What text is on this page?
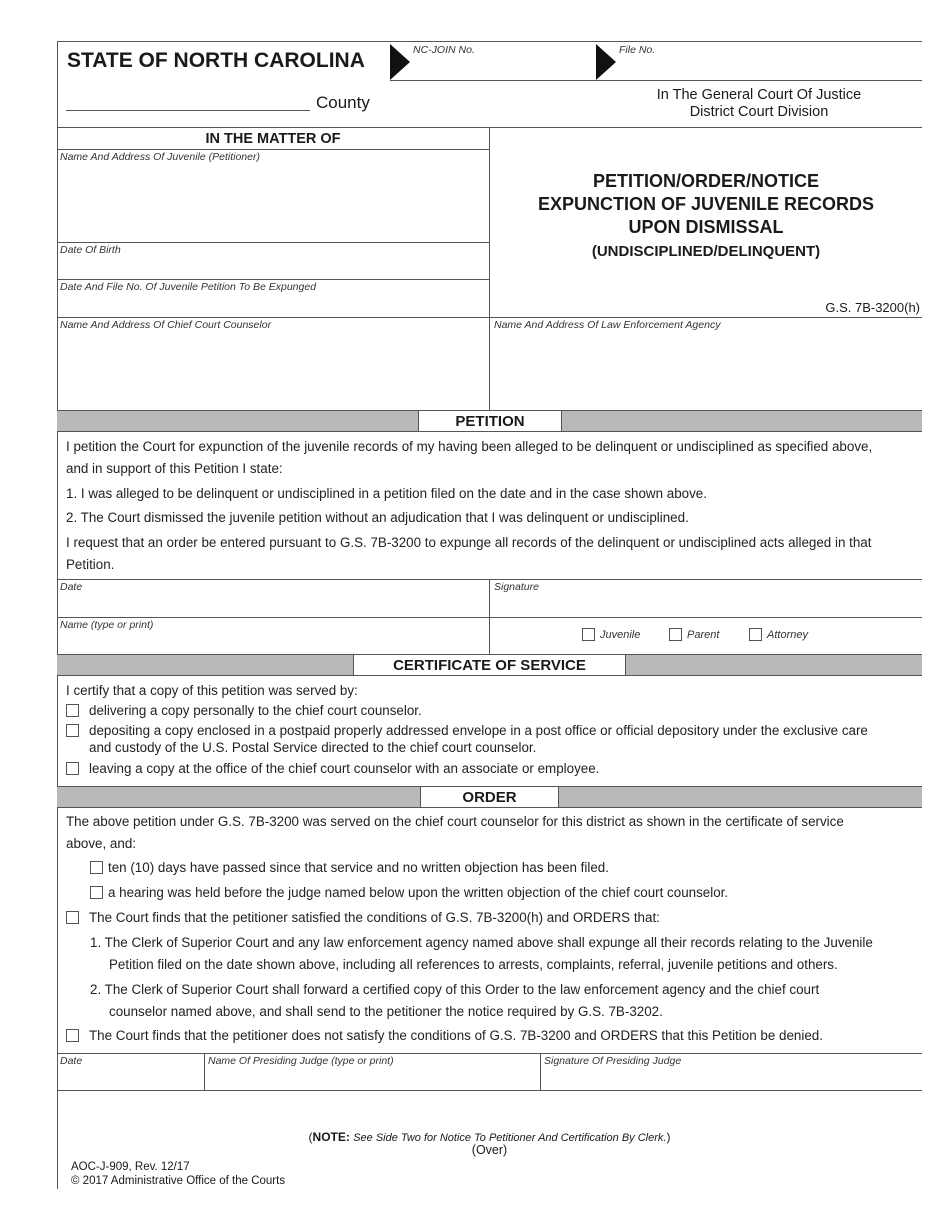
STATE OF NORTH CAROLINA	NC-JOIN No.	File No.
County	In The General Court Of Justice
District Court Division
IN THE MATTER OF
Name And Address Of Juvenile (Petitioner)
Date Of Birth
Date And File No. Of Juvenile Petition To Be Expunged
Name And Address Of Chief Court Counselor	Name And Address Of Law Enforcement Agency
PETITION/ORDER/NOTICE
EXPUNCTION OF JUVENILE RECORDS
UPON DISMISSAL
(UNDISCIPLINED/DELINQUENT)
G.S. 7B-3200(h)
PETITION
I petition the Court for expunction of the juvenile records of my having been alleged to be delinquent or undisciplined as specified above,
and in support of this Petition I state:
1. I was alleged to be delinquent or undisciplined in a petition filed on the date and in the case shown above.
2. The Court dismissed the juvenile petition without an adjudication that I was delinquent or undisciplined.
I request that an order be entered pursuant to G.S. 7B-3200 to expunge all records of the delinquent or undisciplined acts alleged in that
Petition.
Date	Signature
Name (type or print)
Juvenile	Parent	Attorney
CERTIFICATE OF SERVICE
I certify that a copy of this petition was served by:
delivering a copy personally to the chief court counselor.
depositing a copy enclosed in a postpaid properly addressed envelope in a post office or official depository under the exclusive care
and custody of the U.S. Postal Service directed to the chief court counselor.
leaving a copy at the office of the chief court counselor with an associate or employee.
ORDER
The above petition under G.S. 7B-3200 was served on the chief court counselor for this district as shown in the certificate of service
above, and:
ten (10) days have passed since that service and no written objection has been filed.
a hearing was held before the judge named below upon the written objection of the chief court counselor.
The Court finds that the petitioner satisfied the conditions of G.S. 7B-3200(h) and ORDERS that:
1. The Clerk of Superior Court and any law enforcement agency named above shall expunge all their records relating to the Juvenile
Petition filed on the date shown above, including all references to arrests, complaints, referral, juvenile petitions and others.
2. The Clerk of Superior Court shall forward a certified copy of this Order to the law enforcement agency and the chief court
counselor named above, and shall send to the petitioner the notice required by G.S. 7B-3202.
The Court finds that the petitioner does not satisfy the conditions of G.S. 7B-3200 and ORDERS that this Petition be denied.
Date	Name Of Presiding Judge (type or print)	Signature Of Presiding Judge
(NOTE: See Side Two for Notice To Petitioner And Certification By Clerk.)
(Over)
AOC-J-909, Rev. 12/17
© 2017 Administrative Office of the Courts
